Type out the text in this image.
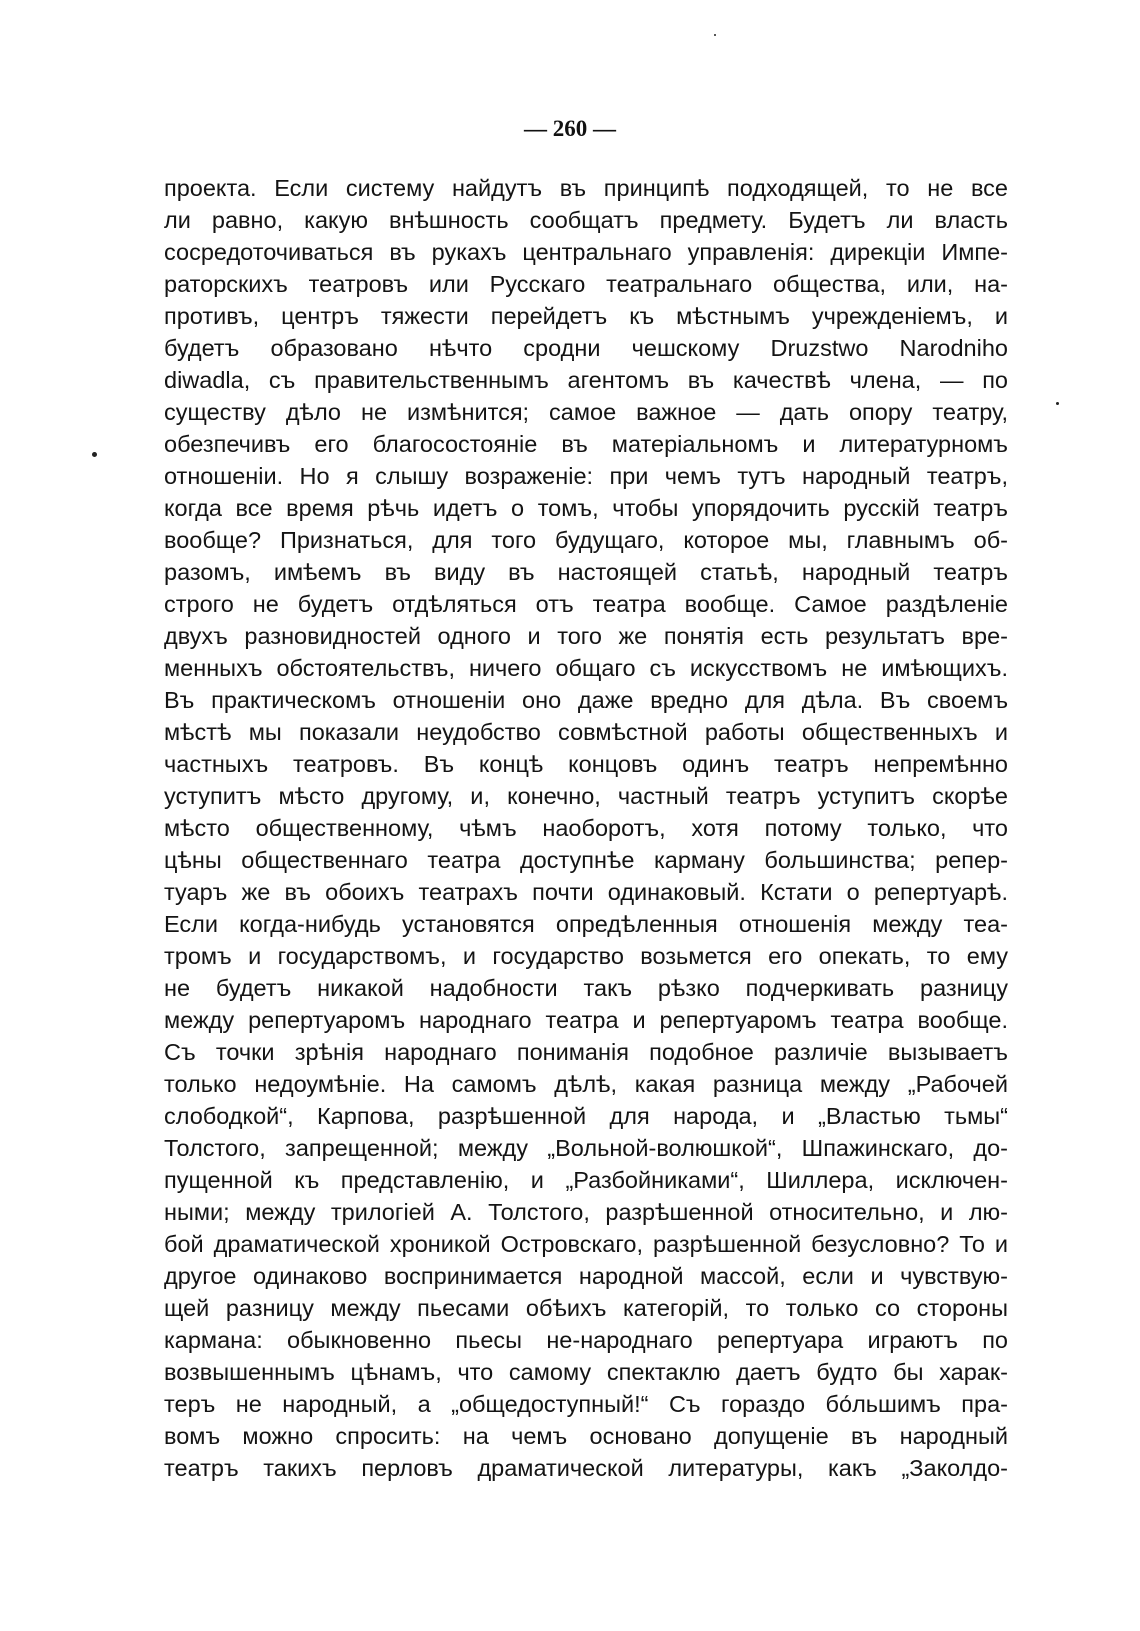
— 260 —
проекта. Если систему найдутъ въ принципѣ подходящей, то не все
ли равно, какую внѣшность сообщатъ предмету. Будетъ ли власть
сосредоточиваться въ рукахъ центральнаго управленія: дирекціи Импе-
раторскихъ театровъ или Русскаго театральнаго общества, или, на-
противъ, центръ тяжести перейдетъ къ мѣстнымъ учрежденіемъ, и
будетъ образовано нѣчто сродни чешскому Druzstwo Narodniho
diwadla, съ правительственнымъ агентомъ въ качествѣ члена, — по
существу дѣло не измѣнится; самое важное — дать опору театру,
обезпечивъ его благосостояніе въ матеріальномъ и литературномъ
отношеніи. Но я слышу возраженіе: при чемъ тутъ народный театръ,
когда все время рѣчь идетъ о томъ, чтобы упорядочить русскій театръ
вообще? Признаться, для того будущаго, которое мы, главнымъ об-
разомъ, имѣемъ въ виду въ настоящей статьѣ, народный театръ
строго не будетъ отдѣляться отъ театра вообще. Самое раздѣленіе
двухъ разновидностей одного и того же понятія есть результатъ вре-
менныхъ обстоятельствъ, ничего общаго съ искусствомъ не имѣющихъ.
Въ практическомъ отношеніи оно даже вредно для дѣла. Въ своемъ
мѣстѣ мы показали неудобство совмѣстной работы общественныхъ и
частныхъ театровъ. Въ концѣ концовъ одинъ театръ непремѣнно
уступитъ мѣсто другому, и, конечно, частный театръ уступитъ скорѣе
мѣсто общественному, чѣмъ наоборотъ, хотя потому только, что
цѣны общественнаго театра доступнѣе карману большинства; репер-
туаръ же въ обоихъ театрахъ почти одинаковый. Кстати о репертуарѣ.
Если когда-нибудь установятся опредѣленныя отношенія между теа-
тромъ и государствомъ, и государство возьмется его опекать, то ему
не будетъ никакой надобности такъ рѣзко подчеркивать разницу
между репертуаромъ народнаго театра и репертуаромъ театра вообще.
Съ точки зрѣнія народнаго пониманія подобное различіе вызываетъ
только недоумѣніе. На самомъ дѣлѣ, какая разница между „Рабочей
слободкой“, Карпова, разрѣшенной для народа, и „Властью тьмы“
Толстого, запрещенной; между „Вольной-волюшкой“, Шпажинскаго, до-
пущенной къ представленію, и „Разбойниками“, Шиллера, исключен-
ными; между трилогіей А. Толстого, разрѣшенной относительно, и лю-
бой драматической хроникой Островскаго, разрѣшенной безусловно? То и
другое одинаково воспринимается народной массой, если и чувствую-
щей разницу между пьесами обѣихъ категорій, то только со стороны
кармана: обыкновенно пьесы не-народнаго репертуара играютъ по
возвышеннымъ цѣнамъ, что самому спектаклю даетъ будто бы харак-
теръ не народный, а „общедоступный!“ Съ гораздо бо́льшимъ пра-
вомъ можно спросить: на чемъ основано допущеніе въ народный
театръ такихъ перловъ драматической литературы, какъ „Заколдо-
